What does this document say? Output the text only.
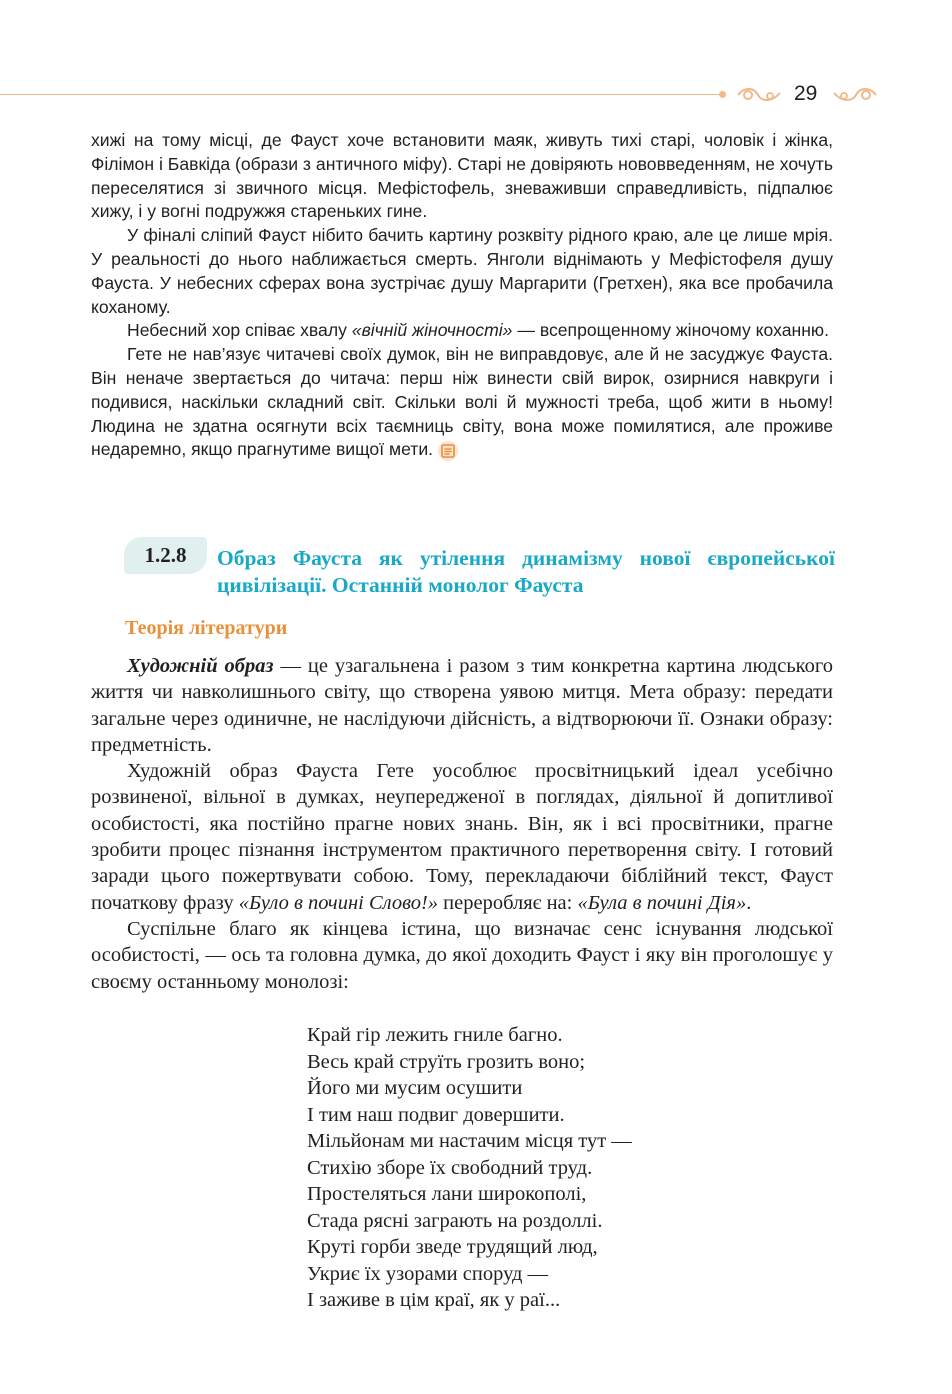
29

хижі на тому місці, де Фауст хоче встановити маяк, живуть тихі старі, чоловік і жінка, Філімон і Бавкіда (образи з античного міфу). Старі не довіряють нововведенням, не хочуть переселятися зі звичного місця. Мефістофель, зневаживши справедливість, підпалює хижу, і у вогні подружжя стареньких гине.

У фіналі сліпий Фауст нібито бачить картину розквіту рідного краю, але це лише мрія. У реальності до нього наближається смерть. Янголи віднімають у Мефістофеля душу Фауста. У небесних сферах вона зустрічає душу Маргарити (Гретхен), яка все пробачила коханому.

Небесний хор співає хвалу «вічній жіночності» — всепрощенному жіночому коханню.

Гете не нав’язує читачеві своїх думок, він не виправдовує, але й не засуджує Фауста. Він неначе звертається до читача: перш ніж винести свій вирок, озирнися навкруги і подивися, наскільки складний світ. Скільки волі й мужності треба, щоб жити в ньому! Людина не здатна осягнути всіх таємниць світу, вона може помилятися, але проживе недаремно, якщо прагнутиме вищої мети.

1.2.8	Образ Фауста як утілення динамізму нової європейської цивілізації. Останній монолог Фауста
Теорія літератури

Художній образ — це узагальнена і разом з тим конкретна картина людського життя чи навколишнього світу, що створена уявою митця. Мета образу: передати загальне через одиничне, не наслідуючи дійсність, а відтворюючи її. Ознаки образу: предметність.

Художній образ Фауста Гете уособлює просвітницький ідеал усебічно розвиненої, вільної в думках, неупередженої в поглядах, діяльної й допитливої особистості, яка постійно прагне нових знань. Він, як і всі просвітники, прагне зробити процес пізнання інструментом практичного перетворення світу. І готовий заради цього пожертвувати собою. Тому, перекладаючи біблійний текст, Фауст початкову фразу «Було в почині Слово!» переробляє на: «Була в почині Дія».

Суспільне благо як кінцева істина, що визначає сенс існування людської особистості, — ось та головна думка, до якої доходить Фауст і яку він проголошує у своєму останньому монолозі:

Край гір лежить гниле багно.
Весь край струїть грозить воно;
Його ми мусим осушити
І тим наш подвиг довершити.
Мільйонам ми настачим місця тут —
Стихію зборе їх свободний труд.
Простеляться лани широкополі,
Стада рясні заграють на роздоллі.
Круті горби зведе трудящий люд,
Укриє їх узорами споруд —
І заживе в цім краї, як у раї...
